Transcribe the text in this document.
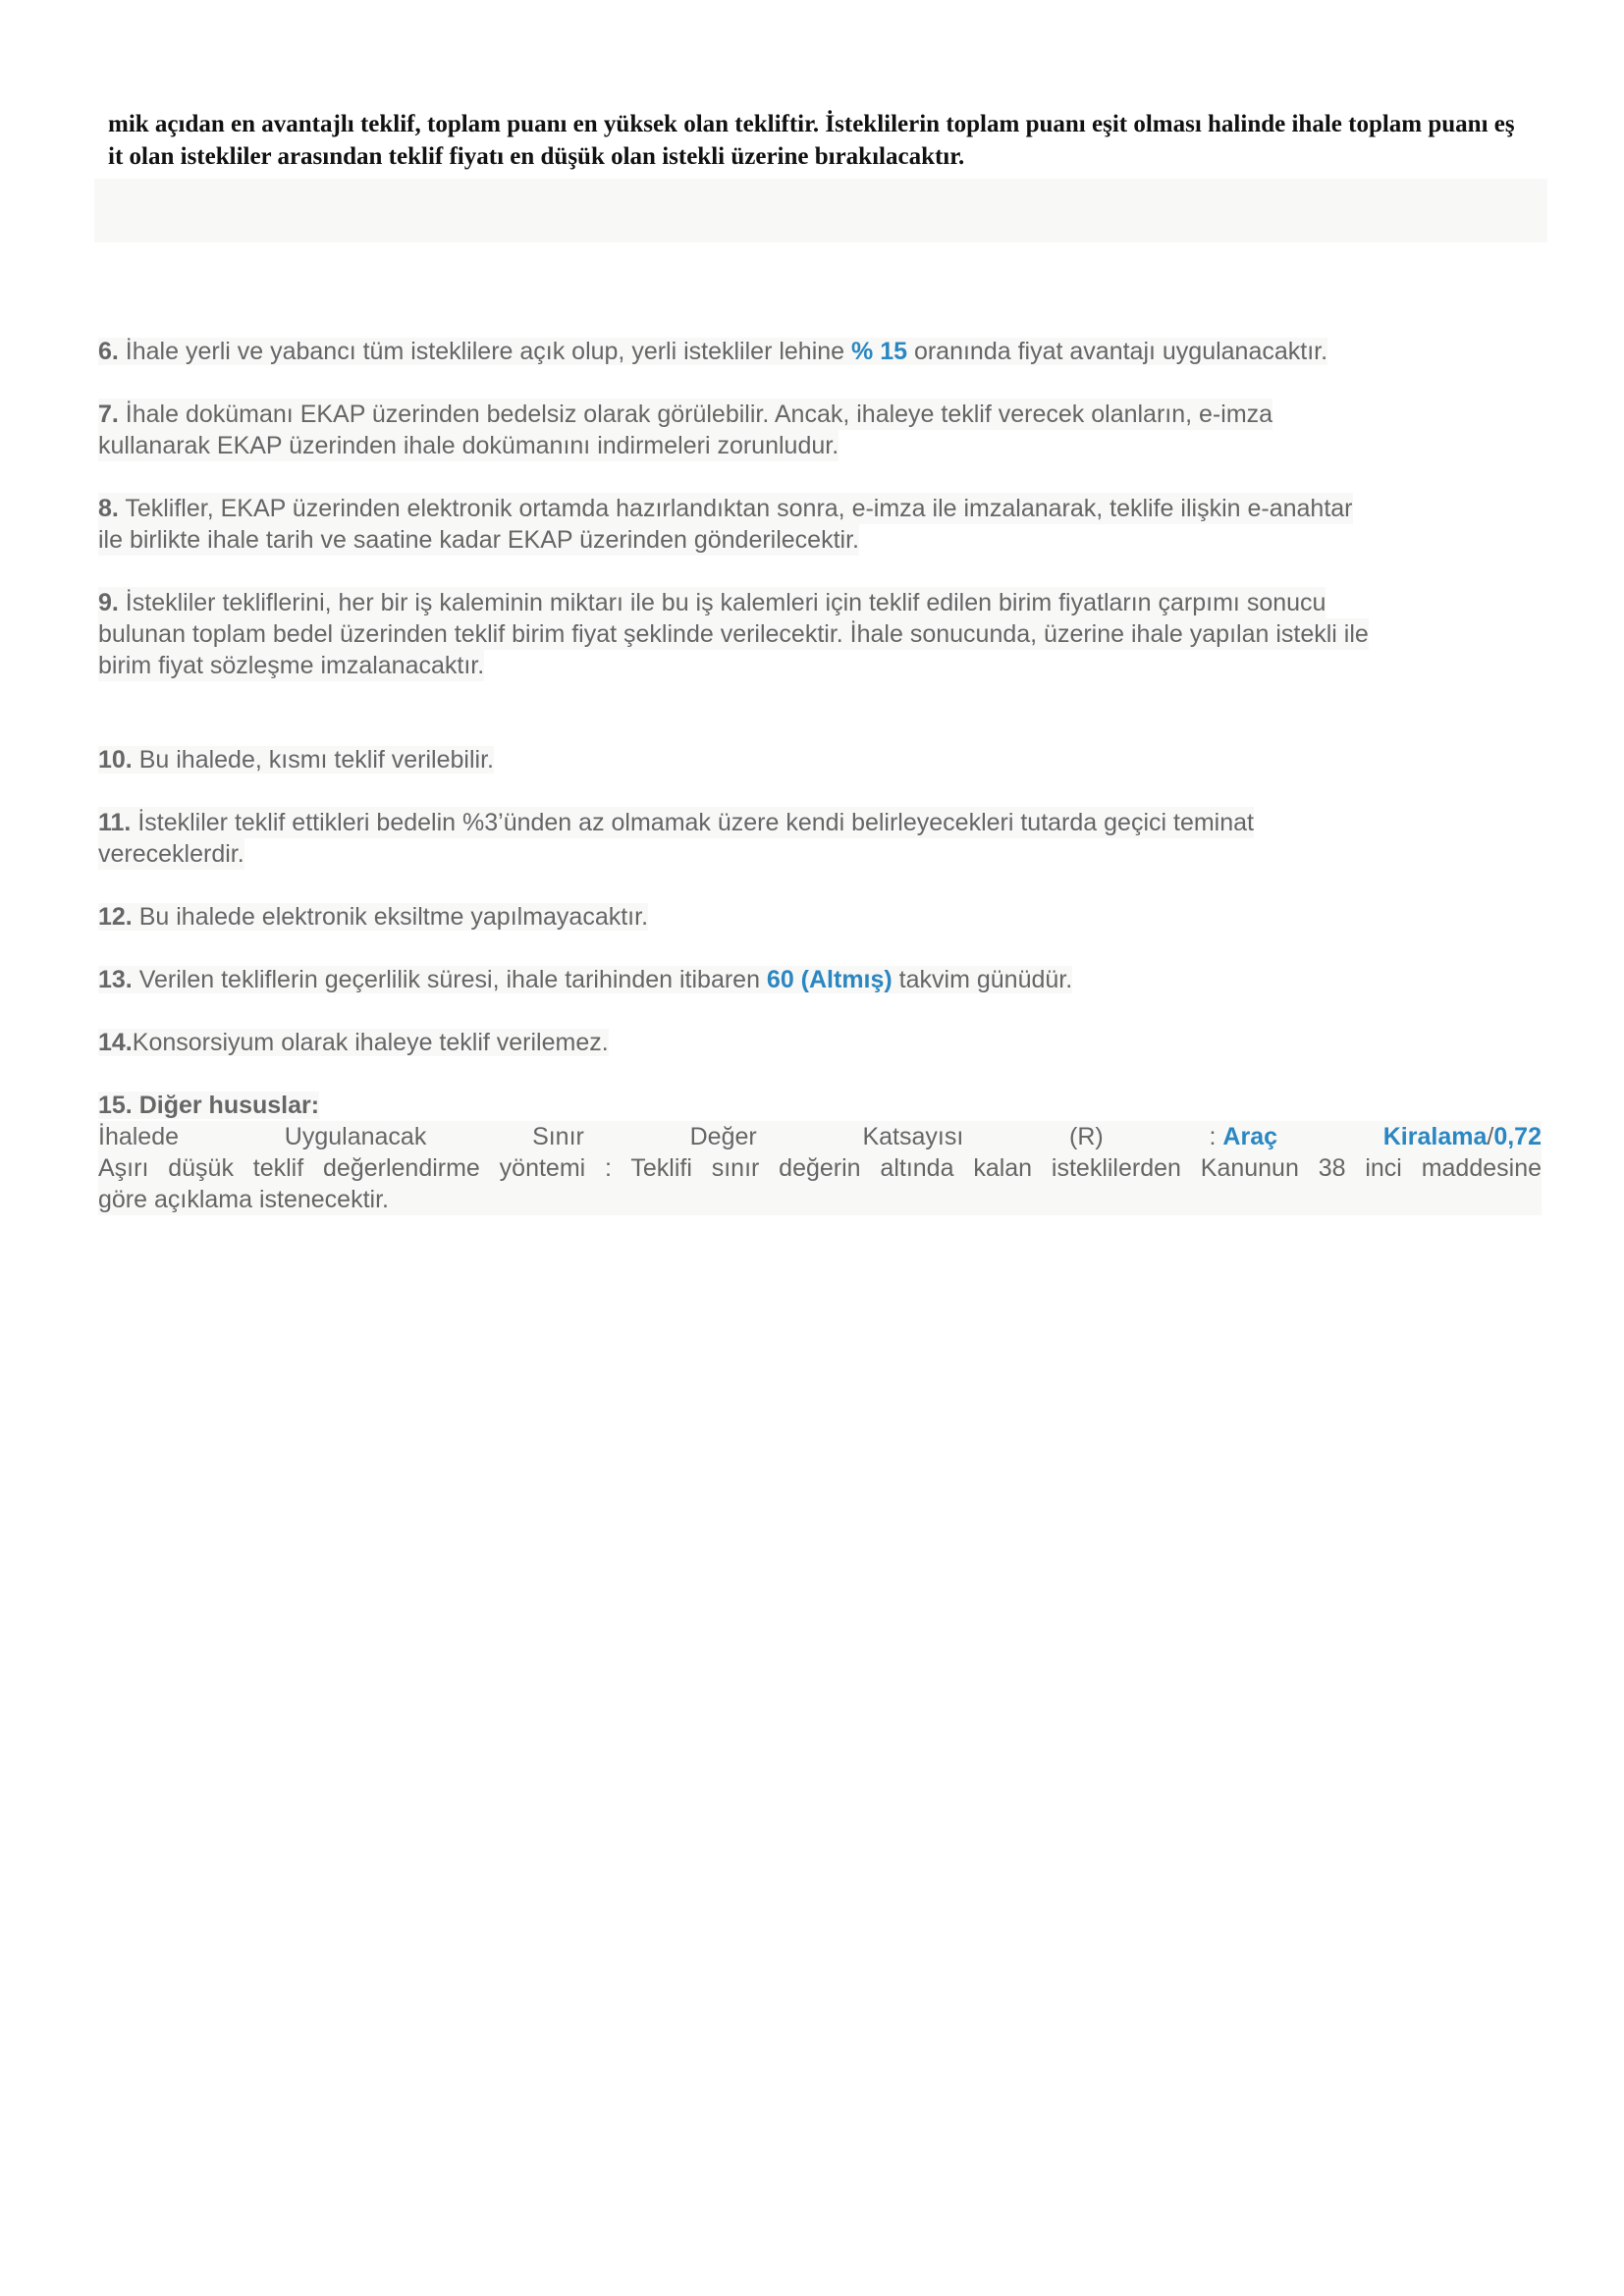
mik açıdan en avantajlı teklif, toplam puanı en yüksek olan tekliftir. İsteklilerin toplam puanı eşit olması halinde ihale toplam puanı eş
it olan istekliler arasından teklif fiyatı en düşük olan istekli üzerine bırakılacaktır.

6. İhale yerli ve yabancı tüm isteklilere açık olup, yerli istekliler lehine % 15 oranında fiyat avantajı uygulanacaktır.

7. İhale dokümanı EKAP üzerinden bedelsiz olarak görülebilir. Ancak, ihaleye teklif verecek olanların, e-imza
kullanarak EKAP üzerinden ihale dokümanını indirmeleri zorunludur.
8. Teklifler, EKAP üzerinden elektronik ortamda hazırlandıktan sonra, e-imza ile imzalanarak, teklife ilişkin e-anahtar
ile birlikte ihale tarih ve saatine kadar EKAP üzerinden gönderilecektir.
9. İstekliler tekliflerini, her bir iş kaleminin miktarı ile bu iş kalemleri için teklif edilen birim fiyatların çarpımı sonucu
bulunan toplam bedel üzerinden teklif birim fiyat şeklinde verilecektir. İhale sonucunda, üzerine ihale yapılan istekli ile
birim fiyat sözleşme imzalanacaktır.

10. Bu ihalede, kısmı teklif verilebilir.

11. İstekliler teklif ettikleri bedelin %3’ünden az olmamak üzere kendi belirleyecekleri tutarda geçici teminat
vereceklerdir.

12. Bu ihalede elektronik eksiltme yapılmayacaktır.

13. Verilen tekliflerin geçerlilik süresi, ihale tarihinden itibaren 60 (Altmış) takvim günüdür.

14.Konsorsiyum olarak ihaleye teklif verilemez.

15. Diğer hususlar:
İhalede	Uygulanacak	Sınır	Değer	Katsayısı	(R)	: Araç	Kiralama/0,72
Aşırı düşük teklif değerlendirme yöntemi : Teklifi sınır değerin altında kalan isteklilerden Kanunun 38 inci maddesine
göre açıklama istenecektir.
